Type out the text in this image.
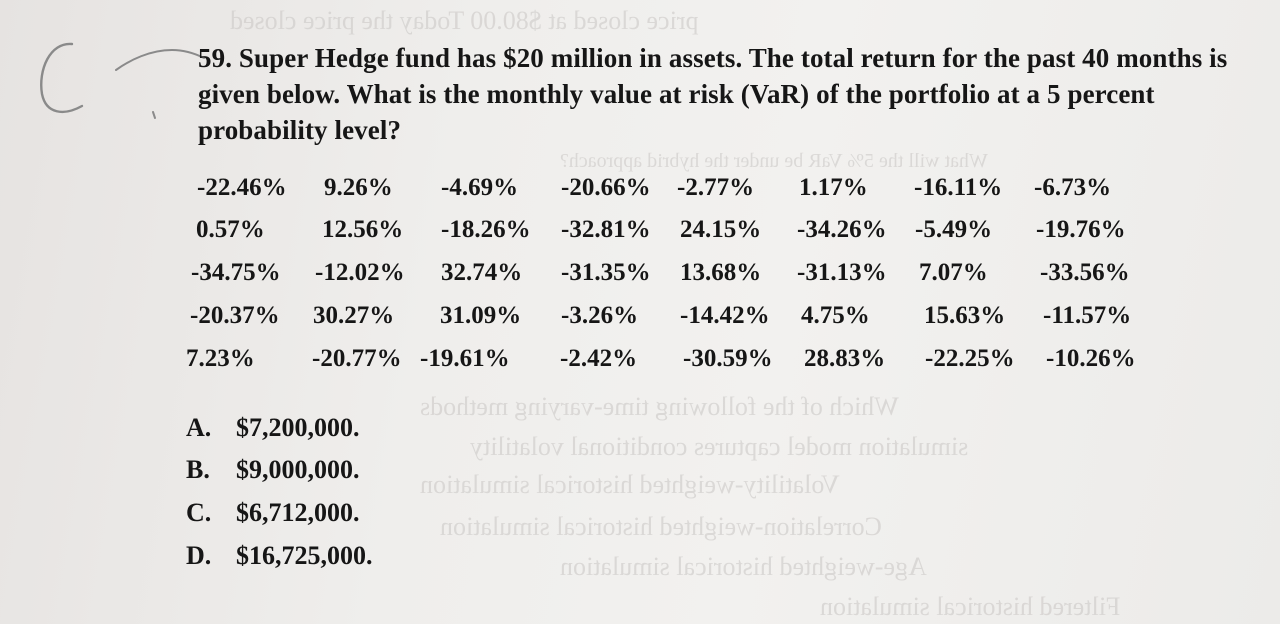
price closed at $80.00 Today the price closed
What will the 5% VaR be under the hybrid approach?
Which of the following time-varying methods
simulation model captures conditional volatility
Volatility-weighted historical simulation
Correlation-weighted historical simulation
Age-weighted historical simulation
Filtered historical simulation
59. Super Hedge fund has $20 million in assets. The total return for the past 40 months is given below. What is the monthly value at risk (VaR) of the portfolio at a 5 percent probability level?
-22.46% 9.26% -4.69% -20.66% -2.77% 1.17% -16.11% -6.73%
0.57% 12.56% -18.26% -32.81% 24.15% -34.26% -5.49% -19.76%
-34.75% -12.02% 32.74% -31.35% 13.68% -31.13% 7.07% -33.56%
-20.37% 30.27% 31.09% -3.26% -14.42% 4.75% 15.63% -11.57%
7.23% -20.77% -19.61% -2.42% -30.59% 28.83% -22.25% -10.26%
A. $7,200,000.
B. $9,000,000.
C. $6,712,000.
D. $16,725,000.
